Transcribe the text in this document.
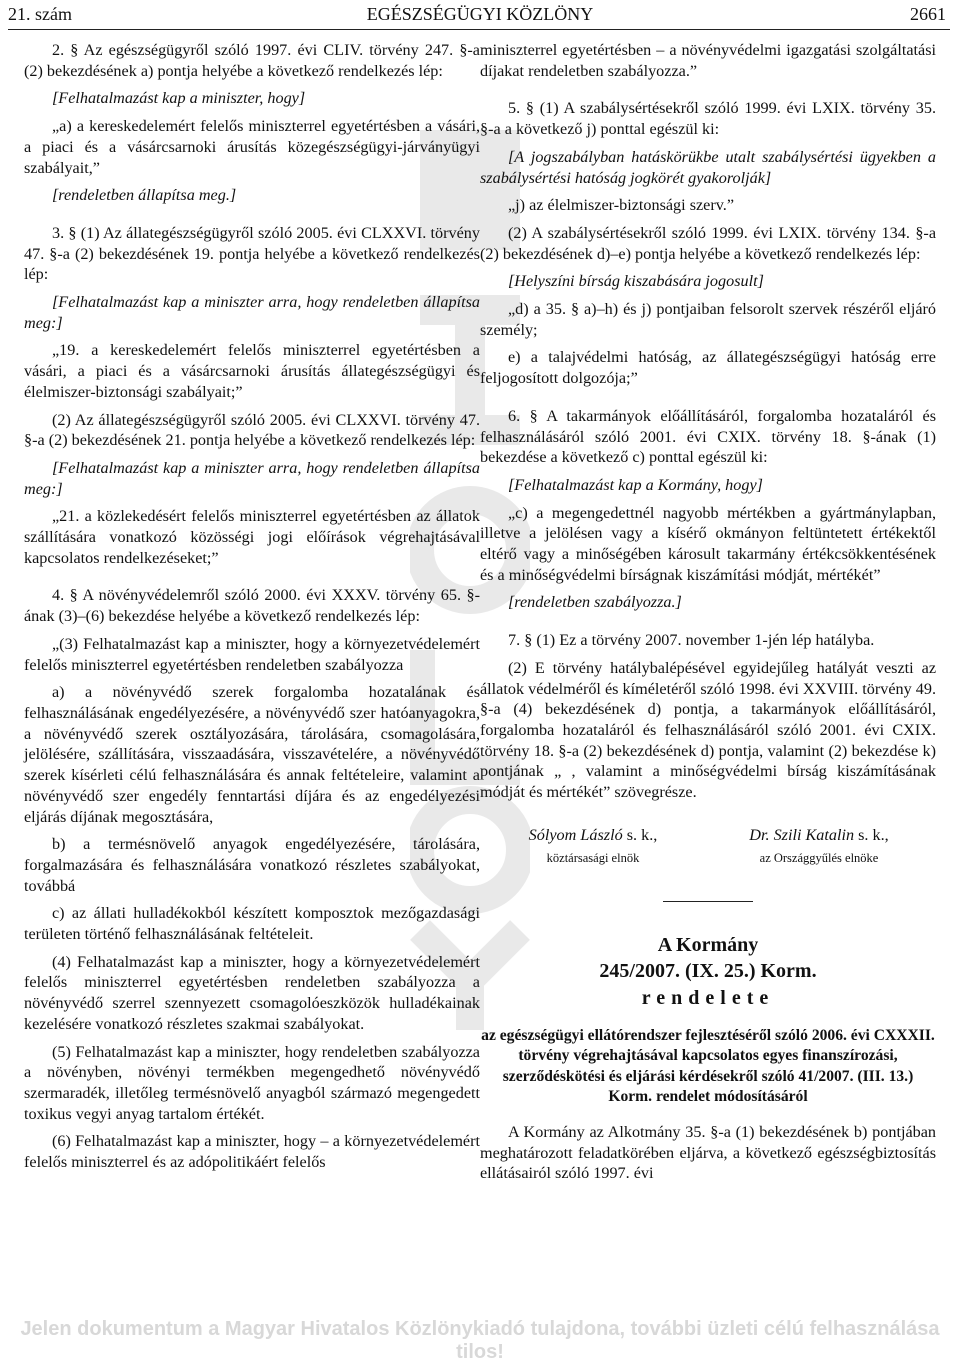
21. szám	EGÉSZSÉGÜGYI KÖZLÖNY	2661

2. § Az egészségügyről szóló 1997. évi CLIV. törvény 247. §-a (2) bekezdésének a) pontja helyébe a következő rendelkezés lép:

[Felhatalmazást kap a miniszter, hogy]

„a) a kereskedelemért felelős miniszterrel egyetértésben a vásári, a piaci és a vásárcsarnoki árusítás közegészségügyi-járványügyi szabályait,”

[rendeletben állapítsa meg.]

3. § (1) Az állategészségügyről szóló 2005. évi CLXXVI. törvény 47. §-a (2) bekezdésének 19. pontja helyébe a következő rendelkezés lép:

[Felhatalmazást kap a miniszter arra, hogy rendeletben állapítsa meg:]

„19. a kereskedelemért felelős miniszterrel egyetértésben a vásári, a piaci és a vásárcsarnoki árusítás állategészségügyi és élelmiszer-biztonsági szabályait;”

(2) Az állategészségügyről szóló 2005. évi CLXXVI. törvény 47. §-a (2) bekezdésének 21. pontja helyébe a következő rendelkezés lép:

[Felhatalmazást kap a miniszter arra, hogy rendeletben állapítsa meg:]

„21. a közlekedésért felelős miniszterrel egyetértésben az állatok szállítására vonatkozó közösségi jogi előírások végrehajtásával kapcsolatos rendelkezéseket;”

4. § A növényvédelemről szóló 2000. évi XXXV. törvény 65. §-ának (3)–(6) bekezdése helyébe a következő rendelkezés lép:

„(3) Felhatalmazást kap a miniszter, hogy a környezetvédelemért felelős miniszterrel egyetértésben rendeletben szabályozza

a) a növényvédő szerek forgalomba hozatalának és felhasználásának engedélyezésére, a növényvédő szer hatóanyagokra, a növényvédő szerek osztályozására, tárolására, csomagolására, jelölésére, szállítására, visszaadására, visszavételére, a növényvédő szerek kísérleti célú felhasználására és annak feltételeire, valamint a növényvédő szer engedély fenntartási díjára és az engedélyezési eljárás díjának megosztására,

b) a termésnövelő anyagok engedélyezésére, tárolására, forgalmazására és felhasználására vonatkozó részletes szabályokat, továbbá

c) az állati hulladékokból készített komposztok mezőgazdasági területen történő felhasználásának feltételeit.

(4) Felhatalmazást kap a miniszter, hogy a környezetvédelemért felelős miniszterrel egyetértésben rendeletben szabályozza a növényvédő szerrel szennyezett csomagolóeszközök hulladékainak kezelésére vonatkozó részletes szakmai szabályokat.

(5) Felhatalmazást kap a miniszter, hogy rendeletben szabályozza a növényben, növényi termékben megengedhető növényvédő szermaradék, illetőleg termésnövelő anyagból származó megengedett toxikus vegyi anyag tartalom értékét.

(6) Felhatalmazást kap a miniszter, hogy – a környezetvédelemért felelős miniszterrel és az adópolitikáért felelős

miniszterrel egyetértésben – a növényvédelmi igazgatási szolgáltatási díjakat rendeletben szabályozza.”

5. § (1) A szabálysértésekről szóló 1999. évi LXIX. törvény 35. §-a a következő j) ponttal egészül ki:

[A jogszabályban hatáskörükbe utalt szabálysértési ügyekben a szabálysértési hatóság jogkörét gyakorolják]

„j) az élelmiszer-biztonsági szerv.”

(2) A szabálysértésekről szóló 1999. évi LXIX. törvény 134. §-a (2) bekezdésének d)–e) pontja helyébe a következő rendelkezés lép:

[Helyszíni bírság kiszabására jogosult]

„d) a 35. § a)–h) és j) pontjaiban felsorolt szervek részéről eljáró személy;

e) a talajvédelmi hatóság, az állategészségügyi hatóság erre feljogosított dolgozója;”

6. § A takarmányok előállításáról, forgalomba hozataláról és felhasználásáról szóló 2001. évi CXIX. törvény 18. §-ának (1) bekezdése a következő c) ponttal egészül ki:

[Felhatalmazást kap a Kormány, hogy]

„c) a megengedettnél nagyobb mértékben a gyártmánylapban, illetve a jelölésen vagy a kísérő okmányon feltüntetett értékektől eltérő vagy a minőségében károsult takarmány értékcsökkentésének és a minőségvédelmi bírságnak kiszámítási módját, mértékét”

[rendeletben szabályozza.]

7. § (1) Ez a törvény 2007. november 1-jén lép hatályba.

(2) E törvény hatálybalépésével egyidejűleg hatályát veszti az állatok védelméről és kíméletéről szóló 1998. évi XXVIII. törvény 49. §-a (4) bekezdésének d) pontja, a takarmányok előállításáról, forgalomba hozataláról és felhasználásáról szóló 2001. évi CXIX. törvény 18. §-a (2) bekezdésének d) pontja, valamint (2) bekezdése k) pontjának „ , valamint a minőségvédelmi bírság kiszámításának módját és mértékét” szövegrésze.

Sólyom László s. k.,
köztársasági elnök
Dr. Szili Katalin s. k.,
az Országgyűlés elnöke
A Kormány
245/2007. (IX. 25.) Korm.
rendelete
az egészségügyi ellátórendszer fejlesztéséről szóló 2006. évi CXXXII. törvény végrehajtásával kapcsolatos egyes finanszírozási, szerződéskötési és eljárási kérdésekről szóló 41/2007. (III. 13.) Korm. rendelet módosításáról

A Kormány az Alkotmány 35. §-a (1) bekezdésének b) pontjában meghatározott feladatkörében eljárva, a következő egészségbiztosítás ellátásairól szóló 1997. évi

Jelen dokumentum a Magyar Hivatalos Közlönykiadó tulajdona, további üzleti célú felhasználása tilos!
